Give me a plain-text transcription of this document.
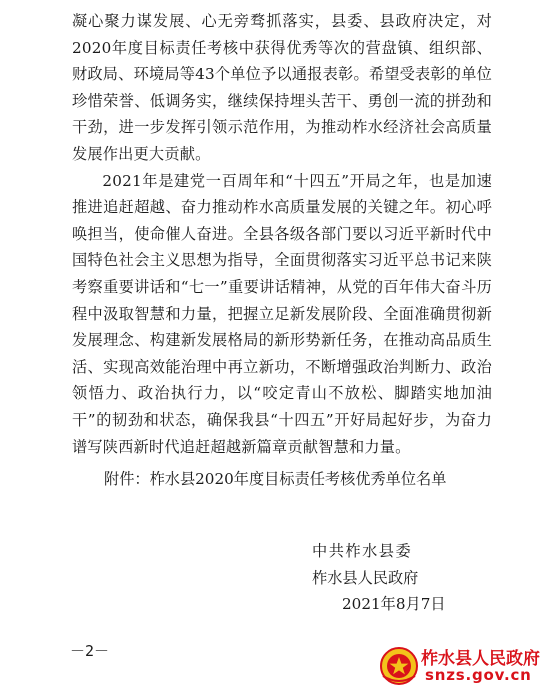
凝心聚力谋发展、心无旁骛抓落实，县委、县政府决定，对2020年度目标责任考核中获得优秀等次的营盘镇、组织部、财政局、环境局等43个单位予以通报表彰。希望受表彰的单位珍惜荣誉、低调务实，继续保持埋头苦干、勇创一流的拼劲和干劲，进一步发挥引领示范作用，为推动柞水经济社会高质量发展作出更大贡献。

2021年是建党一百周年和“十四五”开局之年，也是加速推进追赶超越、奋力推动柞水高质量发展的关键之年。初心呼唤担当，使命催人奋进。全县各级各部门要以习近平新时代中国特色社会主义思想为指导，全面贯彻落实习近平总书记来陕考察重要讲话和“七一”重要讲话精神，从党的百年伟大奋斗历程中汲取智慧和力量，把握立足新发展阶段、全面准确贯彻新发展理念、构建新发展格局的新形势新任务，在推动高品质生活、实现高效能治理中再立新功，不断增强政治判断力、政治领悟力、政治执行力，以“咬定青山不放松、脚踏实地加油干”的韧劲和状态，确保我县“十四五”开好局起好步，为奋力谱写陕西新时代追赶超越新篇章贡献智慧和力量。

附件：柞水县2020年度目标责任考核优秀单位名单
中共柞水县委
柞水县人民政府
2021年8月7日
－2－	柞水县人民政府
snzs.gov.cn
